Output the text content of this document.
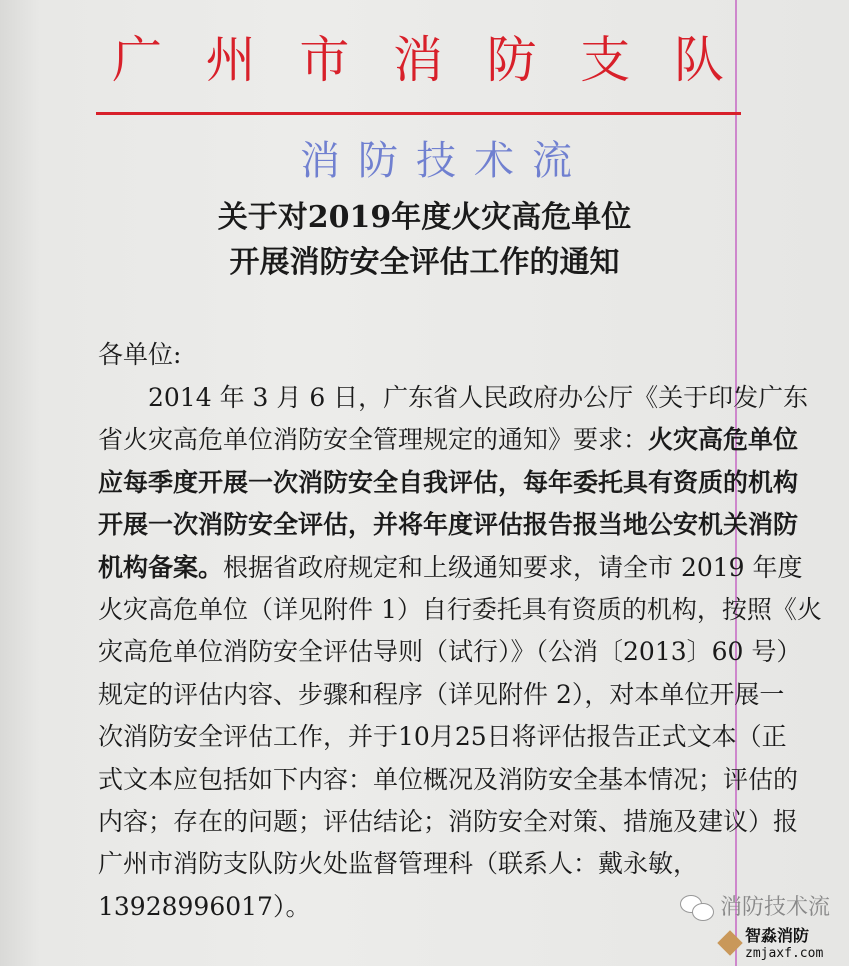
广 州 市 消 防 支 队
消防技术流
关于对2019年度火灾高危单位
开展消防安全评估工作的通知
各单位:
2014 年 3 月 6 日，广东省人民政府办公厅《关于印发广东
省火灾高危单位消防安全管理规定的通知》要求：火灾高危单位
应每季度开展一次消防安全自我评估，每年委托具有资质的机构
开展一次消防安全评估，并将年度评估报告报当地公安机关消防
机构备案。根据省政府规定和上级通知要求，请全市 2019 年度
火灾高危单位（详见附件 1）自行委托具有资质的机构，按照《火
灾高危单位消防安全评估导则（试行）》（公消〔2013〕60 号）
规定的评估内容、步骤和程序（详见附件 2），对本单位开展一
次消防安全评估工作，并于10月25日将评估报告正式文本（正
式文本应包括如下内容：单位概况及消防安全基本情况；评估的
内容；存在的问题；评估结论；消防安全对策、措施及建议）报
广州市消防支队防火处监督管理科（联系人：戴永敏，
13928996017）。	消防技术流
智淼消防
zmjaxf.com
